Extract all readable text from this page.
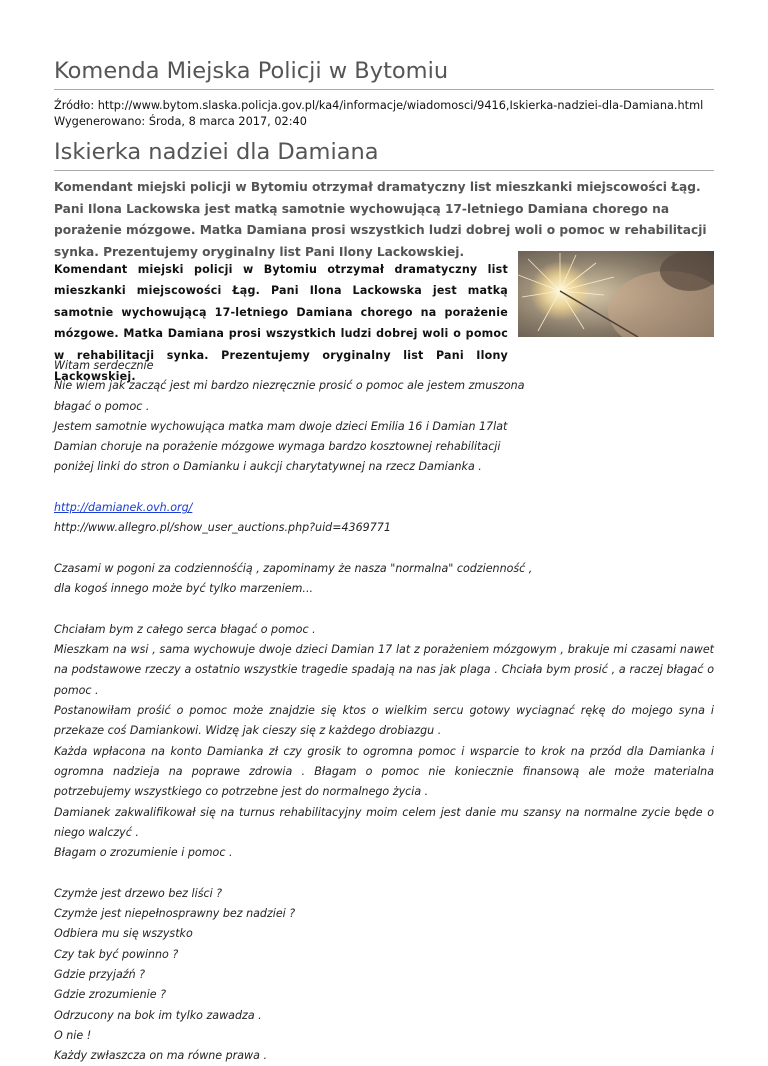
Komenda Miejska Policji w Bytomiu
Źródło: http://www.bytom.slaska.policja.gov.pl/ka4/informacje/wiadomosci/9416,Iskierka-nadziei-dla-Damiana.html
Wygenerowano: Środa, 8 marca 2017, 02:40
Iskierka nadziei dla Damiana
Komendant miejski policji w Bytomiu otrzymał dramatyczny list mieszkanki miejscowości Łąg. Pani Ilona Lackowska jest matką samotnie wychowującą 17-letniego Damiana chorego na porażenie mózgowe. Matka Damiana prosi wszystkich ludzi dobrej woli o pomoc w rehabilitacji synka. Prezentujemy oryginalny list Pani Ilony Lackowskiej.
Komendant miejski policji w Bytomiu otrzymał dramatyczny list mieszkanki miejscowości Łąg. Pani Ilona Lackowska jest matką samotnie wychowującą 17-letniego Damiana chorego na porażenie mózgowe. Matka Damiana prosi wszystkich ludzi dobrej woli o pomoc w rehabilitacji synka. Prezentujemy oryginalny list Pani Ilony Lackowskiej.
Witam serdecznie
Nie wiem jak zacząć jest mi bardzo niezręcznie prosić o pomoc ale jestem zmuszona
błagać o pomoc .
Jestem samotnie wychowująca matka mam dwoje dzieci Emilia 16 i Damian 17lat
Damian choruje na porażenie mózgowe wymaga bardzo kosztownej rehabilitacji
poniżej linki do stron o Damianku i aukcji charytatywnej na rzecz Damianka .
http://damianek.ovh.org/
http://www.allegro.pl/show_user_auctions.php?uid=4369771
Czasami w pogoni za codziennośćią , zapominamy że nasza "normalna" codzienność ,
dla kogoś innego może być tylko marzeniem...
Chciałam bym z całego serca błagać o pomoc .
Mieszkam na wsi , sama wychowuje dwoje dzieci Damian 17 lat z porażeniem mózgowym , brakuje mi czasami nawet na podstawowe rzeczy a ostatnio wszystkie tragedie spadają na nas jak plaga . Chciała bym prosić , a raczej błagać o pomoc .
Postanowiłam prośić o pomoc może znajdzie się ktos o wielkim sercu gotowy wyciagnać rękę do mojego syna i przekaze coś Damiankowi. Widzę jak cieszy się z każdego drobiazgu .
Każda wpłacona na konto Damianka zł czy grosik to ogromna pomoc i wsparcie to krok na przód dla Damianka i ogromna nadzieja na poprawe zdrowia . Błagam o pomoc nie koniecznie finansową ale może materialna potrzebujemy wszystkiego co potrzebne jest do normalnego życia .
Damianek zakwalifikował się na turnus rehabilitacyjny moim celem jest danie mu szansy na normalne zycie będe o niego walczyć .
Błagam o zrozumienie i pomoc .
Czymże jest drzewo bez liści ?
Czymże jest niepełnosprawny bez nadziei ?
Odbiera mu się wszystko
Czy tak być powinno ?
Gdzie przyjaźń ?
Gdzie zrozumienie ?
Odrzucony na bok im tylko zawadza .
O nie !
Każdy zwłaszcza on ma równe prawa .
